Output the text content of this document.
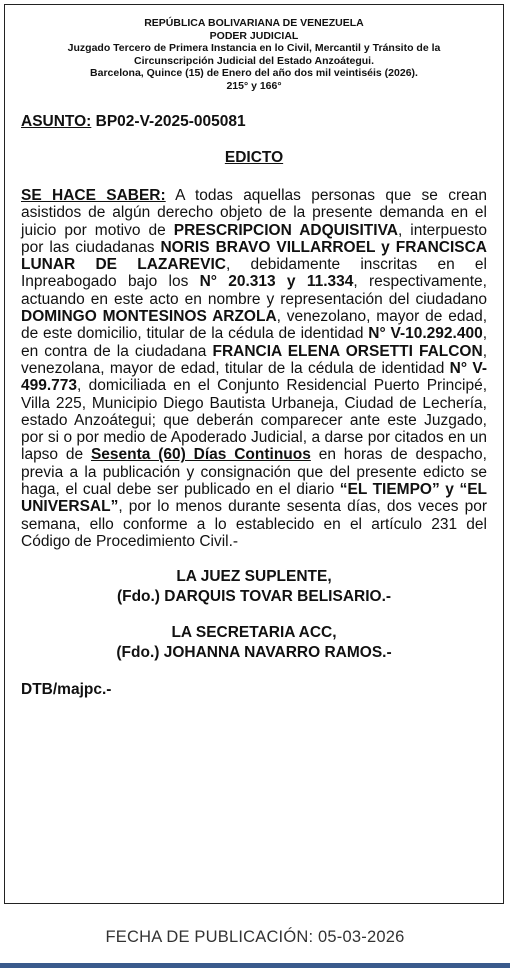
REPÚBLICA BOLIVARIANA DE VENEZUELA
PODER JUDICIAL
Juzgado Tercero de Primera Instancia en lo Civil, Mercantil y Tránsito de la
Circunscripción Judicial del Estado Anzoátegui.
Barcelona, Quince (15) de Enero del año dos mil veintiséis (2026).
215° y 166°
ASUNTO: BP02-V-2025-005081
EDICTO
SE HACE SABER: A todas aquellas personas que se crean asistidos de algún derecho objeto de la presente demanda en el juicio por motivo de PRESCRIPCION ADQUISITIVA, interpuesto por las ciudadanas NORIS BRAVO VILLARROEL y FRANCISCA LUNAR DE LAZAREVIC, debidamente inscritas en el Inpreabogado bajo los N° 20.313 y 11.334, respectivamente, actuando en este acto en nombre y representación del ciudadano DOMINGO MONTESINOS ARZOLA, venezolano, mayor de edad, de este domicilio, titular de la cédula de identidad N° V-10.292.400, en contra de la ciudadana FRANCIA ELENA ORSETTI FALCON, venezolana, mayor de edad, titular de la cédula de identidad N° V- 499.773, domiciliada en el Conjunto Residencial Puerto Principé, Villa 225, Municipio Diego Bautista Urbaneja, Ciudad de Lechería, estado Anzoátegui; que deberán comparecer ante este Juzgado, por si o por medio de Apoderado Judicial, a darse por citados en un lapso de Sesenta (60) Días Continuos en horas de despacho, previa a la publicación y consignación que del presente edicto se haga, el cual debe ser publicado en el diario “EL TIEMPO” y “EL UNIVERSAL”, por lo menos durante sesenta días, dos veces por semana, ello conforme a lo establecido en el artículo 231 del Código de Procedimiento Civil.-
LA JUEZ SUPLENTE,
(Fdo.) DARQUIS TOVAR BELISARIO.-
LA SECRETARIA ACC,
(Fdo.) JOHANNA NAVARRO RAMOS.-
DTB/majpc.-
FECHA DE PUBLICACIÓN: 05-03-2026
